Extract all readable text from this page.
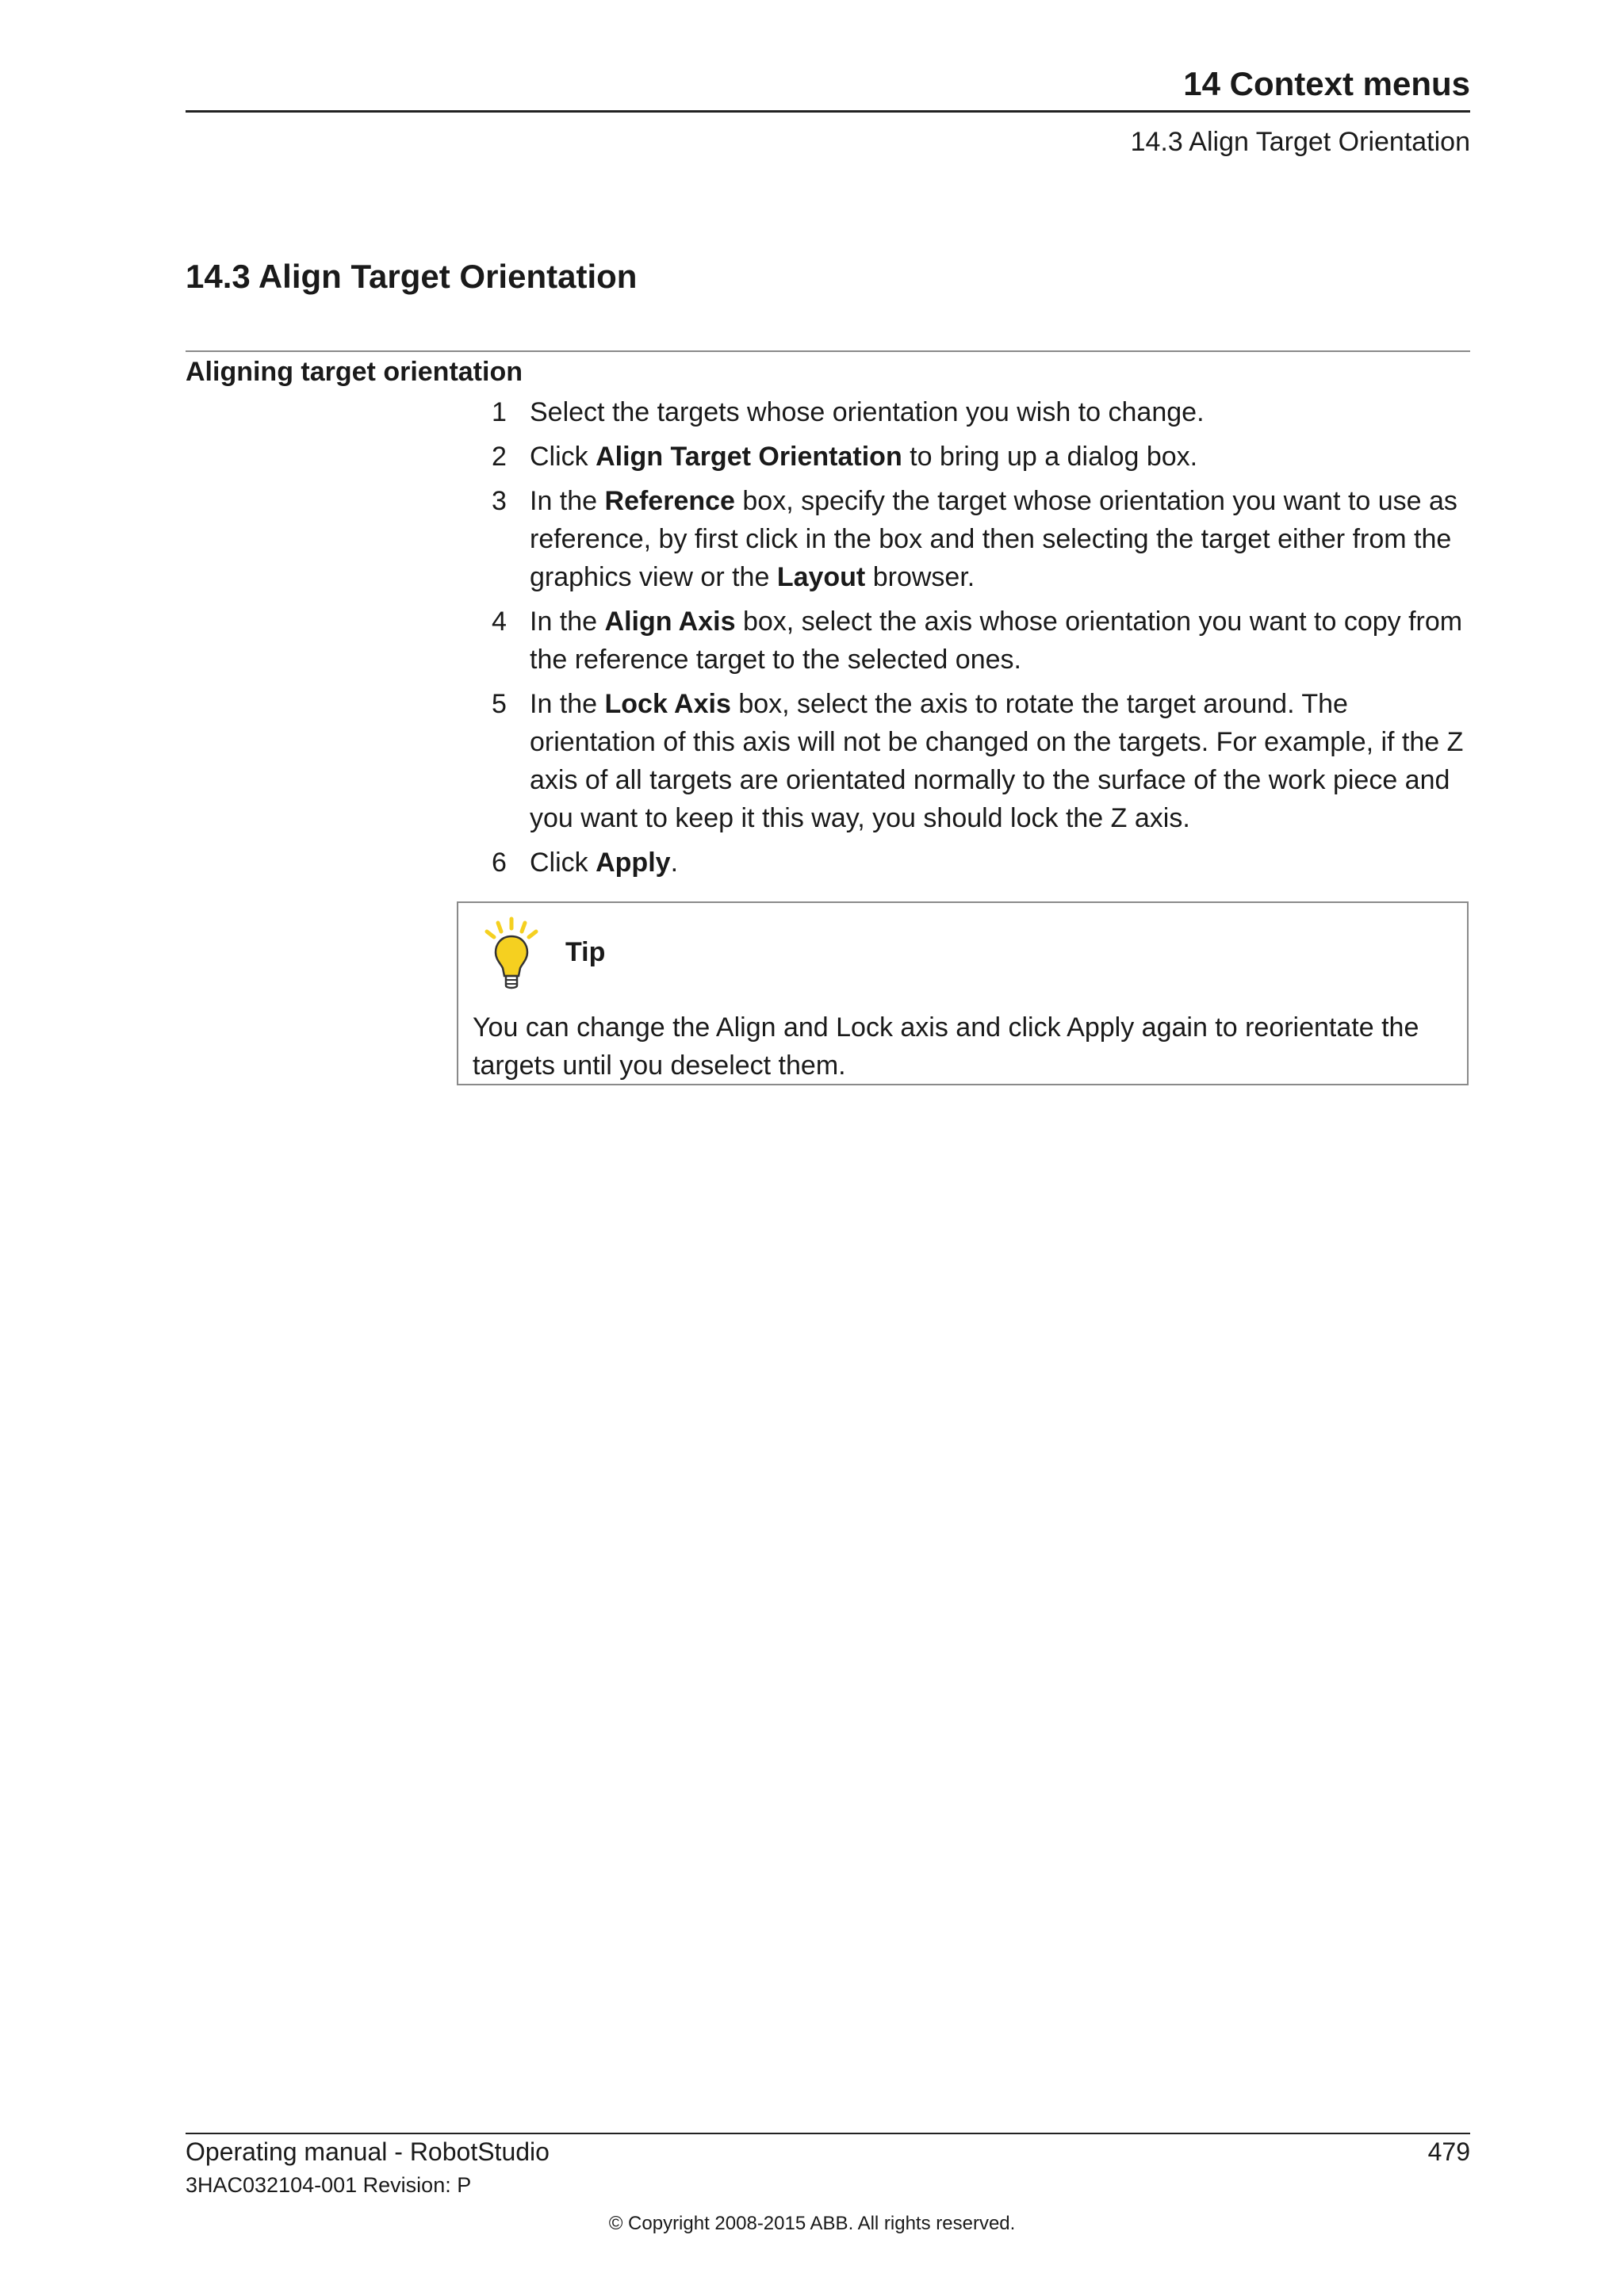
14 Context menus
14.3 Align Target Orientation
14.3 Align Target Orientation
Aligning target orientation
1 Select the targets whose orientation you wish to change.
2 Click Align Target Orientation to bring up a dialog box.
3 In the Reference box, specify the target whose orientation you want to use as reference, by first click in the box and then selecting the target either from the graphics view or the Layout browser.
4 In the Align Axis box, select the axis whose orientation you want to copy from the reference target to the selected ones.
5 In the Lock Axis box, select the axis to rotate the target around. The orientation of this axis will not be changed on the targets. For example, if the Z axis of all targets are orientated normally to the surface of the work piece and you want to keep it this way, you should lock the Z axis.
6 Click Apply.
Tip
You can change the Align and Lock axis and click Apply again to reorientate the targets until you deselect them.
Operating manual - RobotStudio	479
3HAC032104-001 Revision: P
© Copyright 2008-2015 ABB. All rights reserved.
